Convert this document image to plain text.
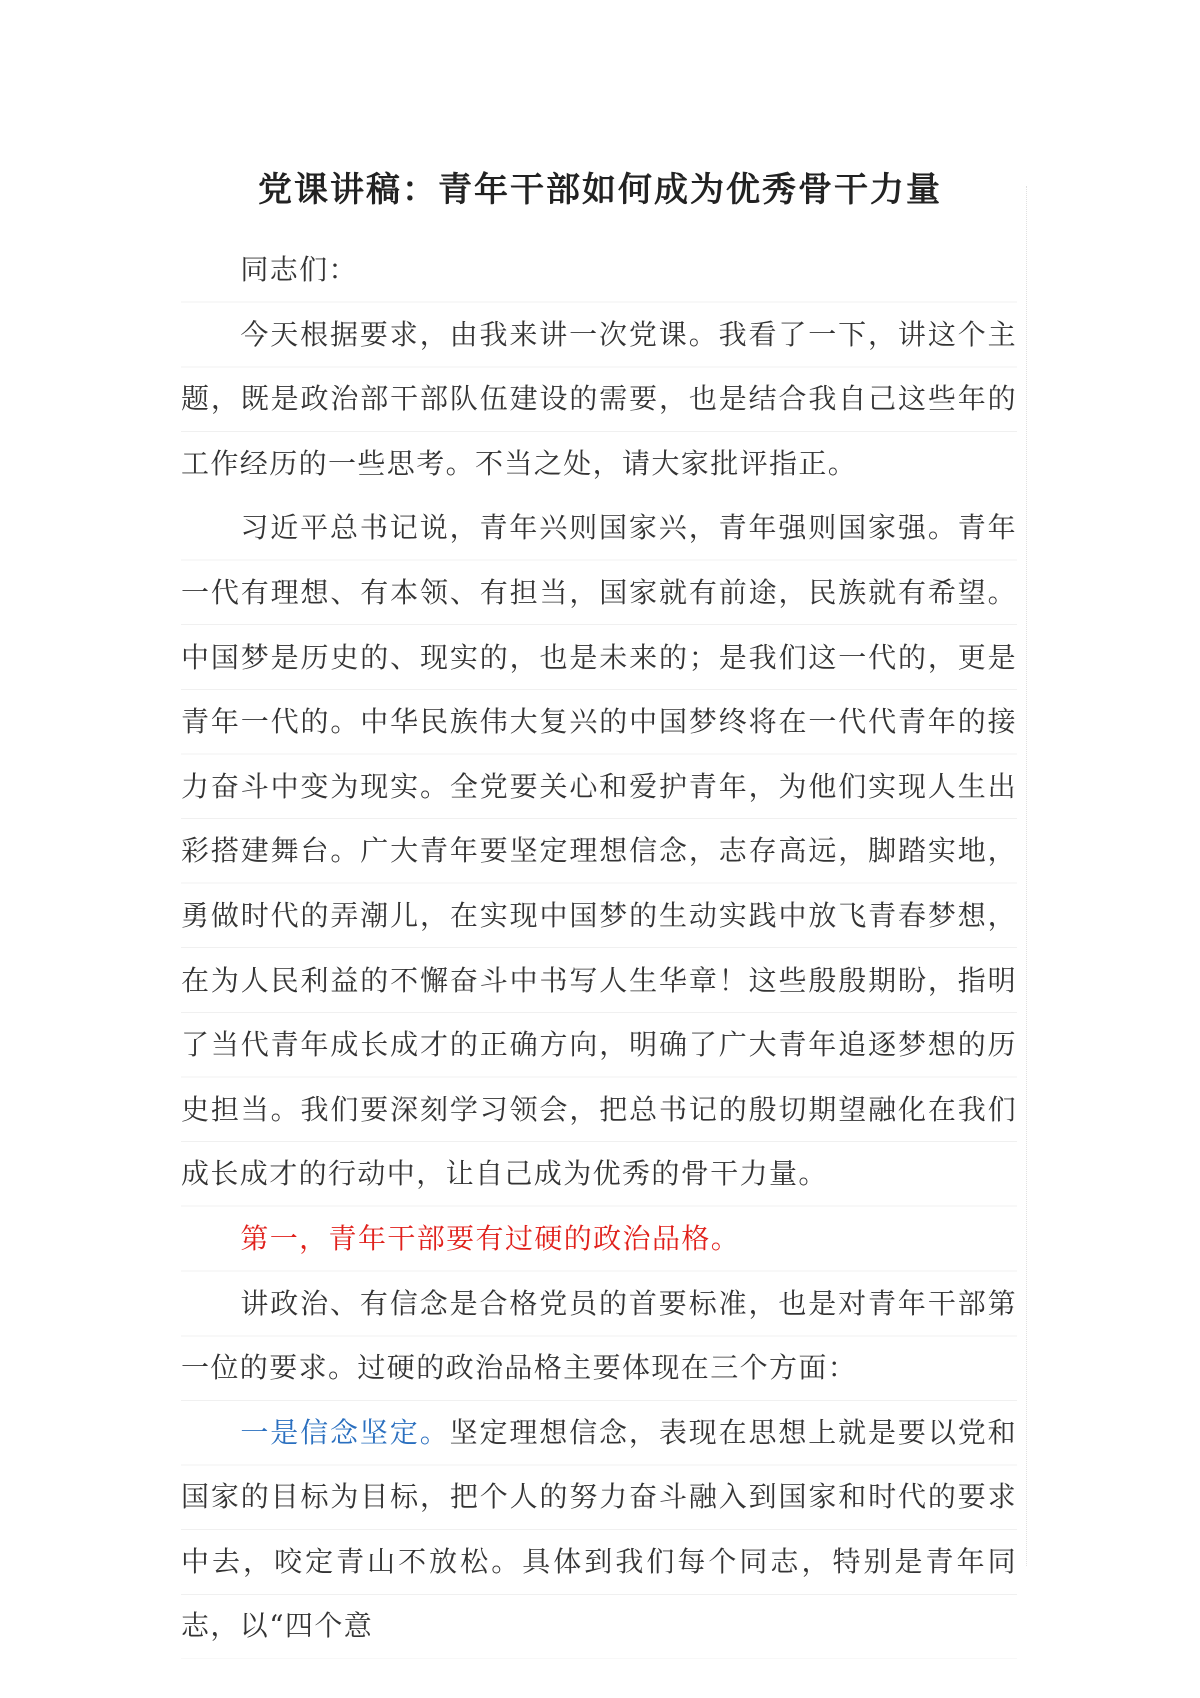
党课讲稿：青年干部如何成为优秀骨干力量

同志们：

今天根据要求，由我来讲一次党课。我看了一下，讲这个主题，既是政治部干部队伍建设的需要，也是结合我自己这些年的工作经历的一些思考。不当之处，请大家批评指正。

习近平总书记说，青年兴则国家兴，青年强则国家强。青年一代有理想、有本领、有担当，国家就有前途，民族就有希望。中国梦是历史的、现实的，也是未来的；是我们这一代的，更是青年一代的。中华民族伟大复兴的中国梦终将在一代代青年的接力奋斗中变为现实。全党要关心和爱护青年，为他们实现人生出彩搭建舞台。广大青年要坚定理想信念，志存高远，脚踏实地，勇做时代的弄潮儿，在实现中国梦的生动实践中放飞青春梦想，在为人民利益的不懈奋斗中书写人生华章！这些殷殷期盼，指明了当代青年成长成才的正确方向，明确了广大青年追逐梦想的历史担当。我们要深刻学习领会，把总书记的殷切期望融化在我们成长成才的行动中，让自己成为优秀的骨干力量。

第一，青年干部要有过硬的政治品格。

讲政治、有信念是合格党员的首要标准，也是对青年干部第一位的要求。过硬的政治品格主要体现在三个方面：

一是信念坚定。坚定理想信念，表现在思想上就是要以党和国家的目标为目标，把个人的努力奋斗融入到国家和时代的要求中去，咬定青山不放松。具体到我们每个同志，特别是青年同志，以“四个意
